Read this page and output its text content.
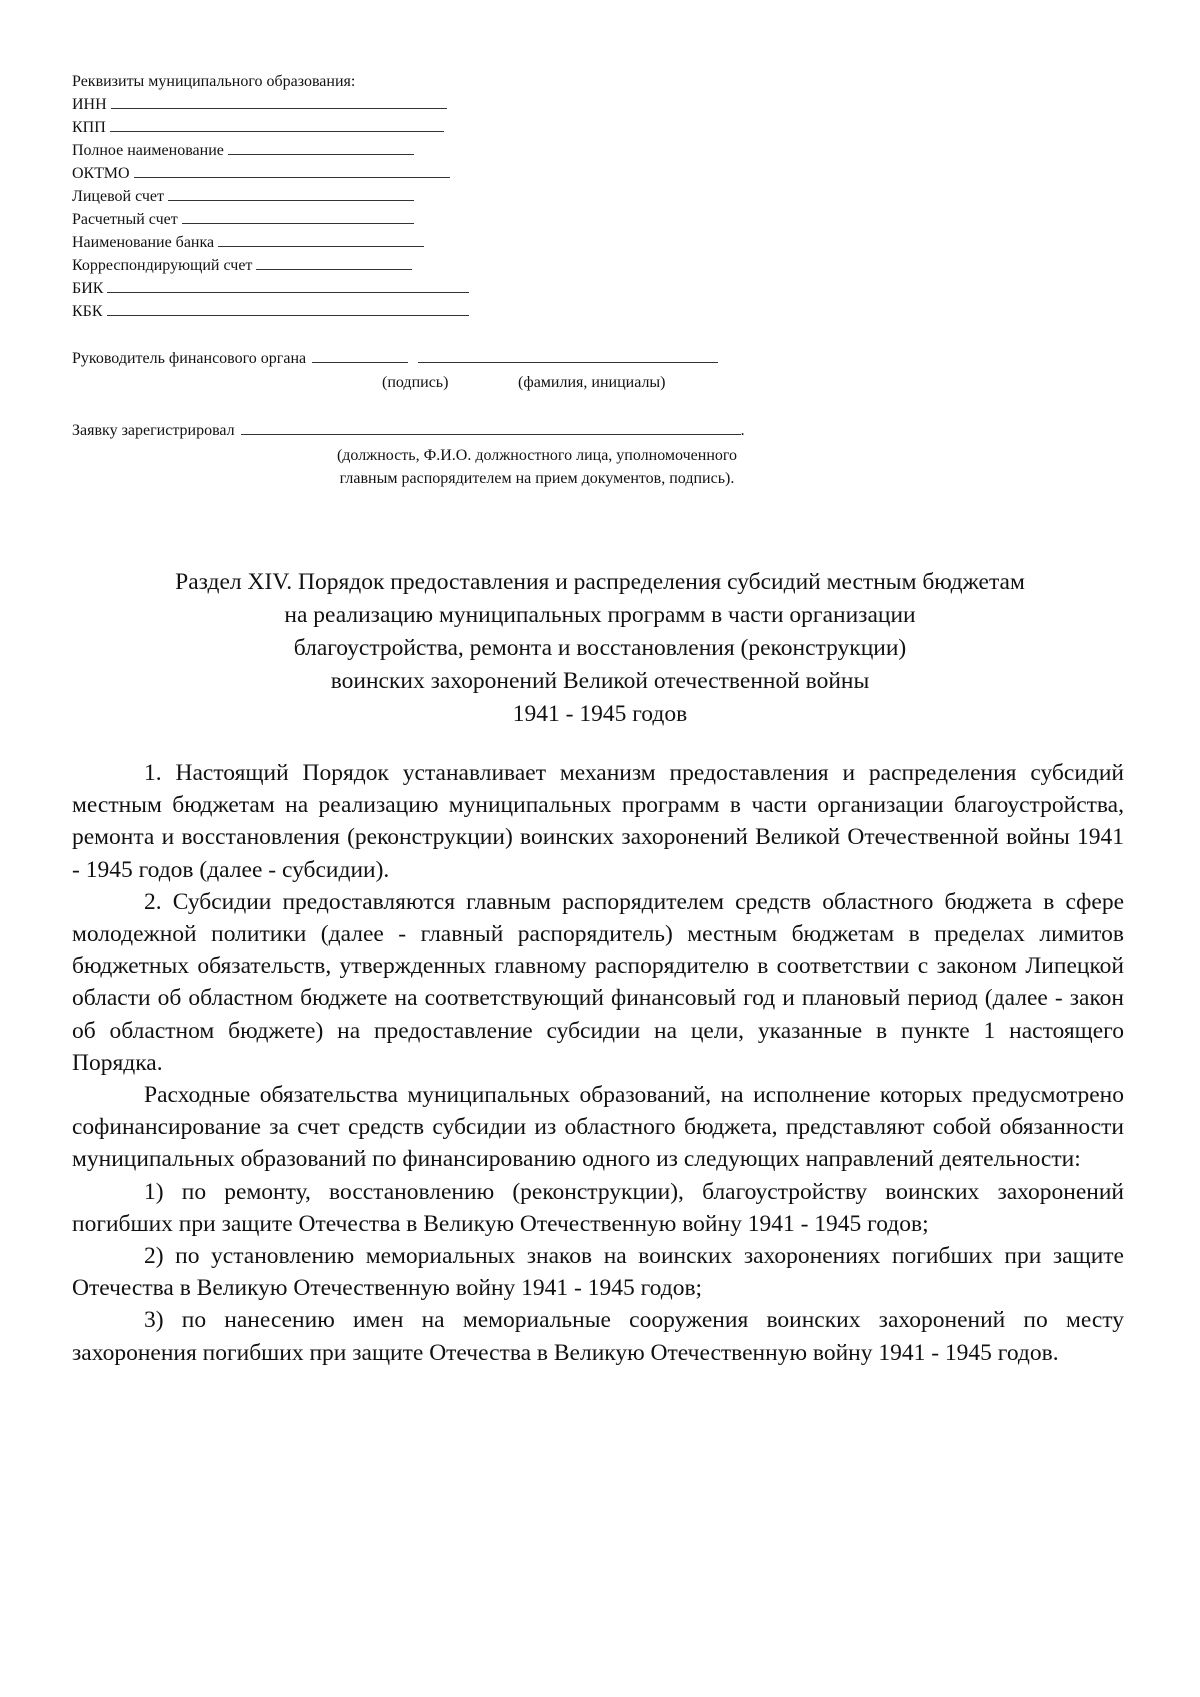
Реквизиты муниципального образования:
ИНН
КПП
Полное наименование
ОКТМО
Лицевой счет
Расчетный счет
Наименование банка
Корреспондирующий счет
БИК
КБК
Руководитель финансового органа
(подпись)	(фамилия, инициалы)
Заявку зарегистрировал	.
(должность, Ф.И.О. должностного лица, уполномоченного
главным распорядителем на прием документов, подпись).
Раздел XIV. Порядок предоставления и распределения субсидий местным бюджетам
на реализацию муниципальных программ в части организации
благоустройства, ремонта и восстановления (реконструкции)
воинских захоронений Великой отечественной войны
1941 - 1945 годов

1. Настоящий Порядок устанавливает механизм предоставления и распределения субсидий местным бюджетам на реализацию муниципальных программ в части организации благоустройства, ремонта и восстановления (реконструкции) воинских захоронений Великой Отечественной войны 1941 - 1945 годов (далее - субсидии).

2. Субсидии предоставляются главным распорядителем средств областного бюджета в сфере молодежной политики (далее - главный распорядитель) местным бюджетам в пределах лимитов бюджетных обязательств, утвержденных главному распорядителю в соответствии с законом Липецкой области об областном бюджете на соответствующий финансовый год и плановый период (далее - закон об областном бюджете) на предоставление субсидии на цели, указанные в пункте 1 настоящего Порядка.

Расходные обязательства муниципальных образований, на исполнение которых предусмотрено софинансирование за счет средств субсидии из областного бюджета, представляют собой обязанности муниципальных образований по финансированию одного из следующих направлений деятельности:

1) по ремонту, восстановлению (реконструкции), благоустройству воинских захоронений погибших при защите Отечества в Великую Отечественную войну 1941 - 1945 годов;

2) по установлению мемориальных знаков на воинских захоронениях погибших при защите Отечества в Великую Отечественную войну 1941 - 1945 годов;

3) по нанесению имен на мемориальные сооружения воинских захоронений по месту захоронения погибших при защите Отечества в Великую Отечественную войну 1941 - 1945 годов.
